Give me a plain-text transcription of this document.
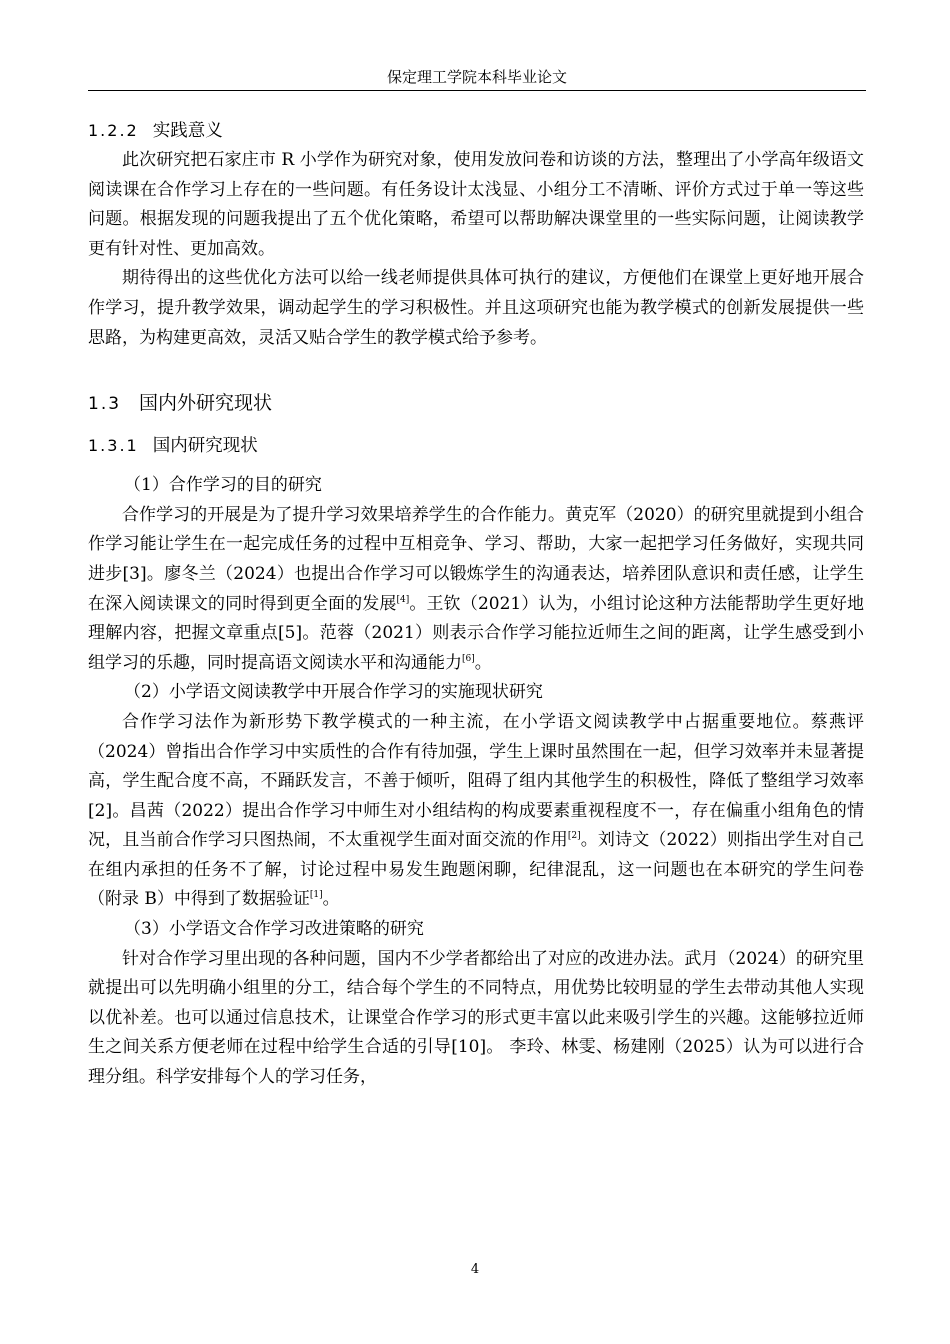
保定理工学院本科毕业论文
1.2.2 实践意义

此次研究把石家庄市 R 小学作为研究对象，使用发放问卷和访谈的方法，整理出了小学高年级语文阅读课在合作学习上存在的一些问题。有任务设计太浅显、小组分工不清晰、评价方式过于单一等这些问题。根据发现的问题我提出了五个优化策略，希望可以帮助解决课堂里的一些实际问题，让阅读教学更有针对性、更加高效。

期待得出的这些优化方法可以给一线老师提供具体可执行的建议，方便他们在课堂上更好地开展合作学习，提升教学效果，调动起学生的学习积极性。并且这项研究也能为教学模式的创新发展提供一些思路，为构建更高效，灵活又贴合学生的教学模式给予参考。

1.3 国内外研究现状
1.3.1 国内研究现状

（1）合作学习的目的研究

合作学习的开展是为了提升学习效果培养学生的合作能力。黄克军（2020）的研究里就提到小组合作学习能让学生在一起完成任务的过程中互相竞争、学习、帮助，大家一起把学习任务做好，实现共同进步[3]。廖冬兰（2024）也提出合作学习可以锻炼学生的沟通表达，培养团队意识和责任感，让学生在深入阅读课文的同时得到更全面的发展[4]。王钦（2021）认为，小组讨论这种方法能帮助学生更好地理解内容，把握文章重点[5]。范蓉（2021）则表示合作学习能拉近师生之间的距离，让学生感受到小组学习的乐趣，同时提高语文阅读水平和沟通能力[6]。

（2）小学语文阅读教学中开展合作学习的实施现状研究

合作学习法作为新形势下教学模式的一种主流，在小学语文阅读教学中占据重要地位。蔡燕评（2024）曾指出合作学习中实质性的合作有待加强，学生上课时虽然围在一起，但学习效率并未显著提高，学生配合度不高，不踊跃发言，不善于倾听，阻碍了组内其他学生的积极性，降低了整组学习效率[2]。昌茜（2022）提出合作学习中师生对小组结构的构成要素重视程度不一，存在偏重小组角色的情况，且当前合作学习只图热闹，不太重视学生面对面交流的作用[2]。刘诗文（2022）则指出学生对自己在组内承担的任务不了解，讨论过程中易发生跑题闲聊，纪律混乱，这一问题也在本研究的学生问卷（附录 B）中得到了数据验证[1]。

（3）小学语文合作学习改进策略的研究

针对合作学习里出现的各种问题，国内不少学者都给出了对应的改进办法。武月（2024）的研究里就提出可以先明确小组里的分工，结合每个学生的不同特点，用优势比较明显的学生去带动其他人实现以优补差。也可以通过信息技术，让课堂合作学习的形式更丰富以此来吸引学生的兴趣。这能够拉近师生之间关系方便老师在过程中给学生合适的引导[10]。 李玲、林雯、杨建刚（2025）认为可以进行合理分组。科学安排每个人的学习任务，

4
